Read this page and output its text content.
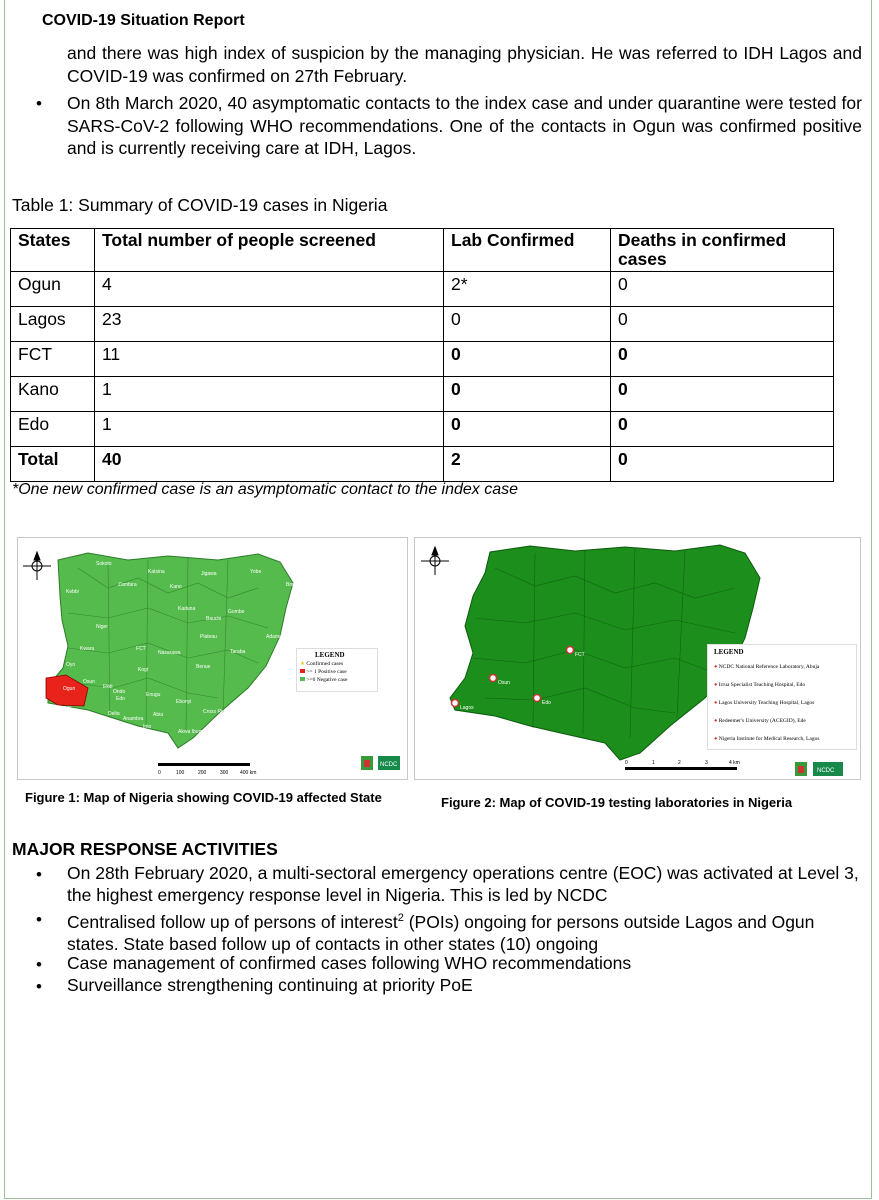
COVID-19 Situation Report
and there was high index of suspicion by the managing physician. He was referred to IDH Lagos and COVID-19 was confirmed on 27th February.
• On 8th March 2020, 40 asymptomatic contacts to the index case and under quarantine were tested for SARS-CoV-2 following WHO recommendations. One of the contacts in Ogun was confirmed positive and is currently receiving care at IDH, Lagos.
Table 1: Summary of COVID-19 cases in Nigeria
States	Total number of people screened	Lab Confirmed	Deaths in confirmed cases
Ogun	4	2*	0
Lagos	23	0	0
FCT	11	0	0
Kano	1	0	0
Edo	1	0	0
Total	40	2	0
*One new confirmed case is an asymptomatic contact to the index case
Sokoto
Katsina	Jigawa	Yobe
Borno
Zamfara
Kebbi
Kano
Kaduna
Bauchi
Gombe
Niger
Adamawa
Plateau
Kwara	FCT
Nasarawa	Taraba
Oyo
Kogi	Benue
Ogun
Osun
Ekiti
Ondo	Enugu
Ebonyi
Lagos
Edo
Anambra
Imo
Cross River
Abia
Delta
Bayelsa Rivers	Akwa Ibom
0	100	200	300 400 km
NCDC
LEGEND
★ Confirmed cases
>= 1 Positive case
>=0 Negative case
FCT
Osun
Edo
Lagos
0	1	2	3	4 km
NCDC
LEGEND
● NCDC National Reference Laboratory, Abuja
● Irrua Specialist Teaching Hospital, Edo
● Lagos University Teaching Hospital, Lagos
● Redeemer's University (ACEGID), Ede
● Nigeria Institute for Medical Research, Lagos
Figure 1: Map of Nigeria showing COVID-19 affected State	Figure 2: Map of COVID-19 testing laboratories in Nigeria
MAJOR RESPONSE ACTIVITIES
• On 28th February 2020, a multi-sectoral emergency operations centre (EOC) was activated at Level 3, the highest emergency response level in Nigeria. This is led by NCDC
• Centralised follow up of persons of interest$^2$ (POIs) ongoing for persons outside Lagos and Ogun states. State based follow up of contacts in other states (10) ongoing
• Case management of confirmed cases following WHO recommendations
• Surveillance strengthening continuing at priority PoE
